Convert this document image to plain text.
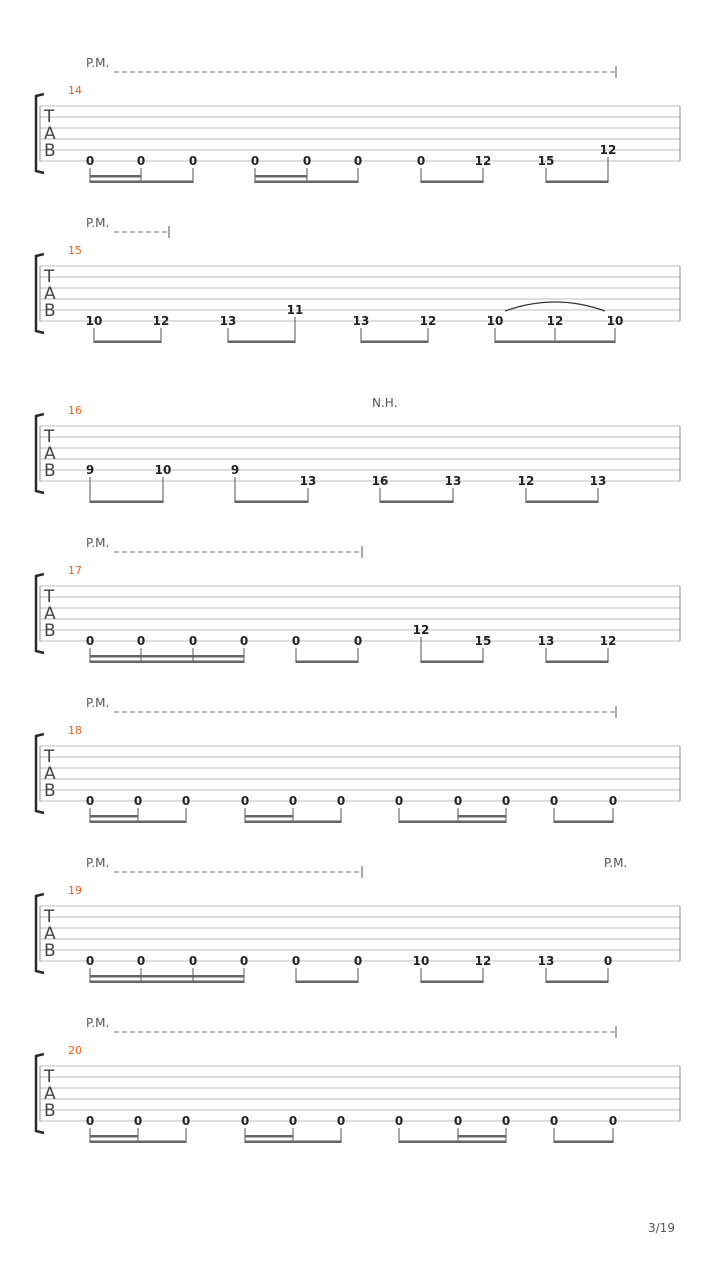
P.M.
14
T
A
B	0	0	0	0	0	0	0	12	15
12
P.M.
15
T
A
B 10	12	13
11
13	12	10	12	10
N.H.
16
T
A
B	9	10	9
13	16	13	12	13
P.M.
17
T
A
B	0	0	0	0	0	0
12
15	13	12
P.M.
18
T
A
B	0	0	0	0	0	0	0	0	0	0	0
P.M.	P.M.
19
T
A
B	0	0	0	0	0	0	10	12	13	0
P.M.
20
T
A
B	0	0	0	0	0	0	0	0	0	0	0
3/19
